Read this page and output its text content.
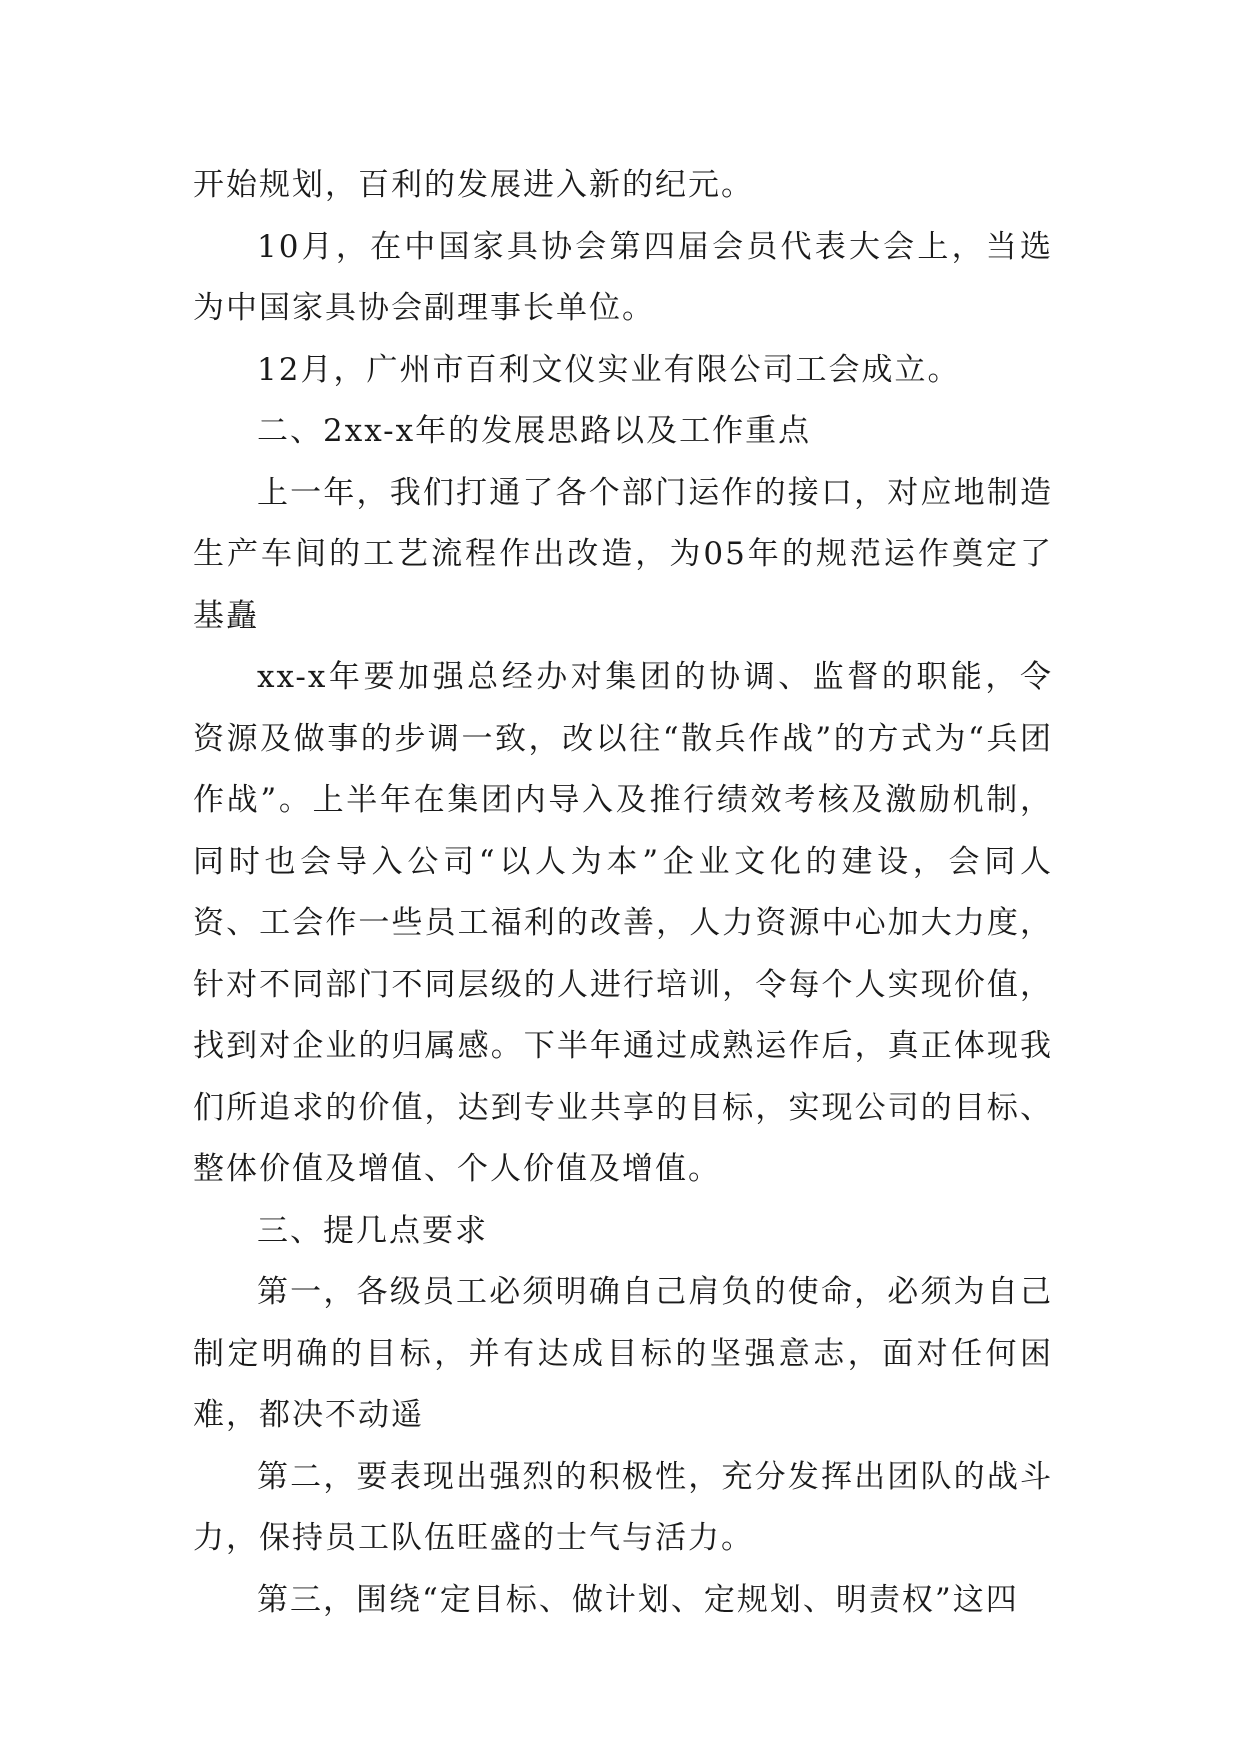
开始规划，百利的发展进入新的纪元。

10月，在中国家具协会第四届会员代表大会上，当选为中国家具协会副理事长单位。

12月，广州市百利文仪实业有限公司工会成立。

二、2xx-x年的发展思路以及工作重点

上一年，我们打通了各个部门运作的接口，对应地制造生产车间的工艺流程作出改造，为05年的规范运作奠定了基矗

xx-x年要加强总经办对集团的协调、监督的职能，令资源及做事的步调一致，改以往“散兵作战”的方式为“兵团作战”。上半年在集团内导入及推行绩效考核及激励机制，同时也会导入公司“以人为本”企业文化的建设，会同人资、工会作一些员工福利的改善，人力资源中心加大力度，针对不同部门不同层级的人进行培训，令每个人实现价值，找到对企业的归属感。下半年通过成熟运作后，真正体现我们所追求的价值，达到专业共享的目标，实现公司的目标、整体价值及增值、个人价值及增值。

三、提几点要求

第一，各级员工必须明确自己肩负的使命，必须为自己制定明确的目标，并有达成目标的坚强意志，面对任何困难，都决不动遥

第二，要表现出强烈的积极性，充分发挥出团队的战斗力，保持员工队伍旺盛的士气与活力。

第三，围绕“定目标、做计划、定规划、明责权”这四
